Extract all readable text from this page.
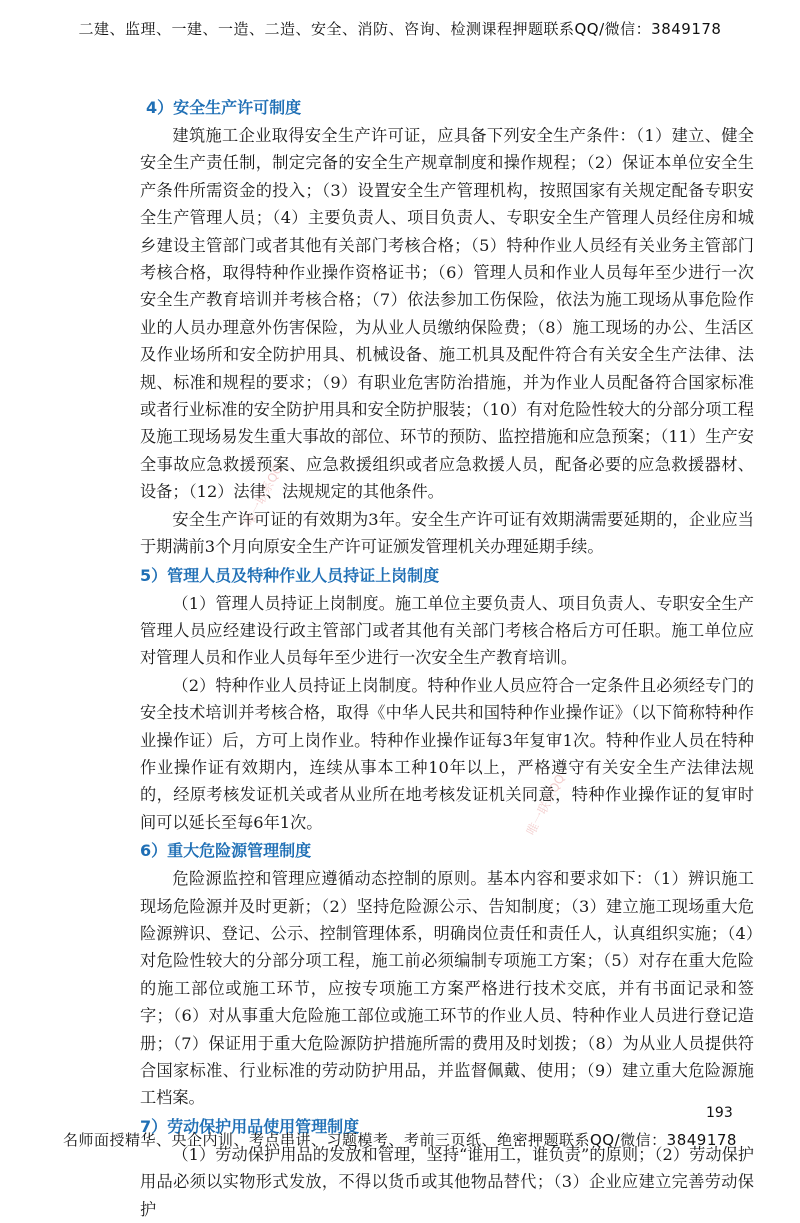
二建、监理、一建、一造、二造、安全、消防、咨询、检测课程押题联系QQ/微信：3849178
唯一联系QQ
唯一联系QQ
4）安全生产许可制度

建筑施工企业取得安全生产许可证，应具备下列安全生产条件：（1）建立、健全安全生产责任制，制定完备的安全生产规章制度和操作规程；（2）保证本单位安全生产条件所需资金的投入；（3）设置安全生产管理机构，按照国家有关规定配备专职安全生产管理人员；（4）主要负责人、项目负责人、专职安全生产管理人员经住房和城乡建设主管部门或者其他有关部门考核合格；（5）特种作业人员经有关业务主管部门考核合格，取得特种作业操作资格证书；（6）管理人员和作业人员每年至少进行一次安全生产教育培训并考核合格；（7）依法参加工伤保险，依法为施工现场从事危险作业的人员办理意外伤害保险，为从业人员缴纳保险费；（8）施工现场的办公、生活区及作业场所和安全防护用具、机械设备、施工机具及配件符合有关安全生产法律、法规、标准和规程的要求；（9）有职业危害防治措施，并为作业人员配备符合国家标准或者行业标准的安全防护用具和安全防护服装；（10）有对危险性较大的分部分项工程及施工现场易发生重大事故的部位、环节的预防、监控措施和应急预案；（11）生产安全事故应急救援预案、应急救援组织或者应急救援人员，配备必要的应急救援器材、设备；（12）法律、法规规定的其他条件。

安全生产许可证的有效期为3年。安全生产许可证有效期满需要延期的，企业应当于期满前3个月向原安全生产许可证颁发管理机关办理延期手续。

5）管理人员及特种作业人员持证上岗制度

（1）管理人员持证上岗制度。施工单位主要负责人、项目负责人、专职安全生产管理人员应经建设行政主管部门或者其他有关部门考核合格后方可任职。施工单位应对管理人员和作业人员每年至少进行一次安全生产教育培训。

（2）特种作业人员持证上岗制度。特种作业人员应符合一定条件且必须经专门的安全技术培训并考核合格，取得《中华人民共和国特种作业操作证》（以下简称特种作业操作证）后，方可上岗作业。特种作业操作证每3年复审1次。特种作业人员在特种作业操作证有效期内，连续从事本工种10年以上，严格遵守有关安全生产法律法规的，经原考核发证机关或者从业所在地考核发证机关同意，特种作业操作证的复审时间可以延长至每6年1次。

6）重大危险源管理制度

危险源监控和管理应遵循动态控制的原则。基本内容和要求如下：（1）辨识施工现场危险源并及时更新；（2）坚持危险源公示、告知制度；（3）建立施工现场重大危险源辨识、登记、公示、控制管理体系，明确岗位责任和责任人，认真组织实施；（4）对危险性较大的分部分项工程，施工前必须编制专项施工方案；（5）对存在重大危险的施工部位或施工环节，应按专项施工方案严格进行技术交底，并有书面记录和签字；（6）对从事重大危险施工部位或施工环节的作业人员、特种作业人员进行登记造册；（7）保证用于重大危险源防护措施所需的费用及时划拨；（8）为从业人员提供符合国家标准、行业标准的劳动防护用品，并监督佩戴、使用；（9）建立重大危险源施工档案。

7）劳动保护用品使用管理制度

（1）劳动保护用品的发放和管理，坚持“谁用工，谁负责”的原则；（2）劳动保护用品必须以实物形式发放，不得以货币或其他物品替代；（3）企业应建立完善劳动保护

193
名师面授精华、央企内训、考点串讲、习题模考、考前三页纸、绝密押题联系QQ/微信：3849178
